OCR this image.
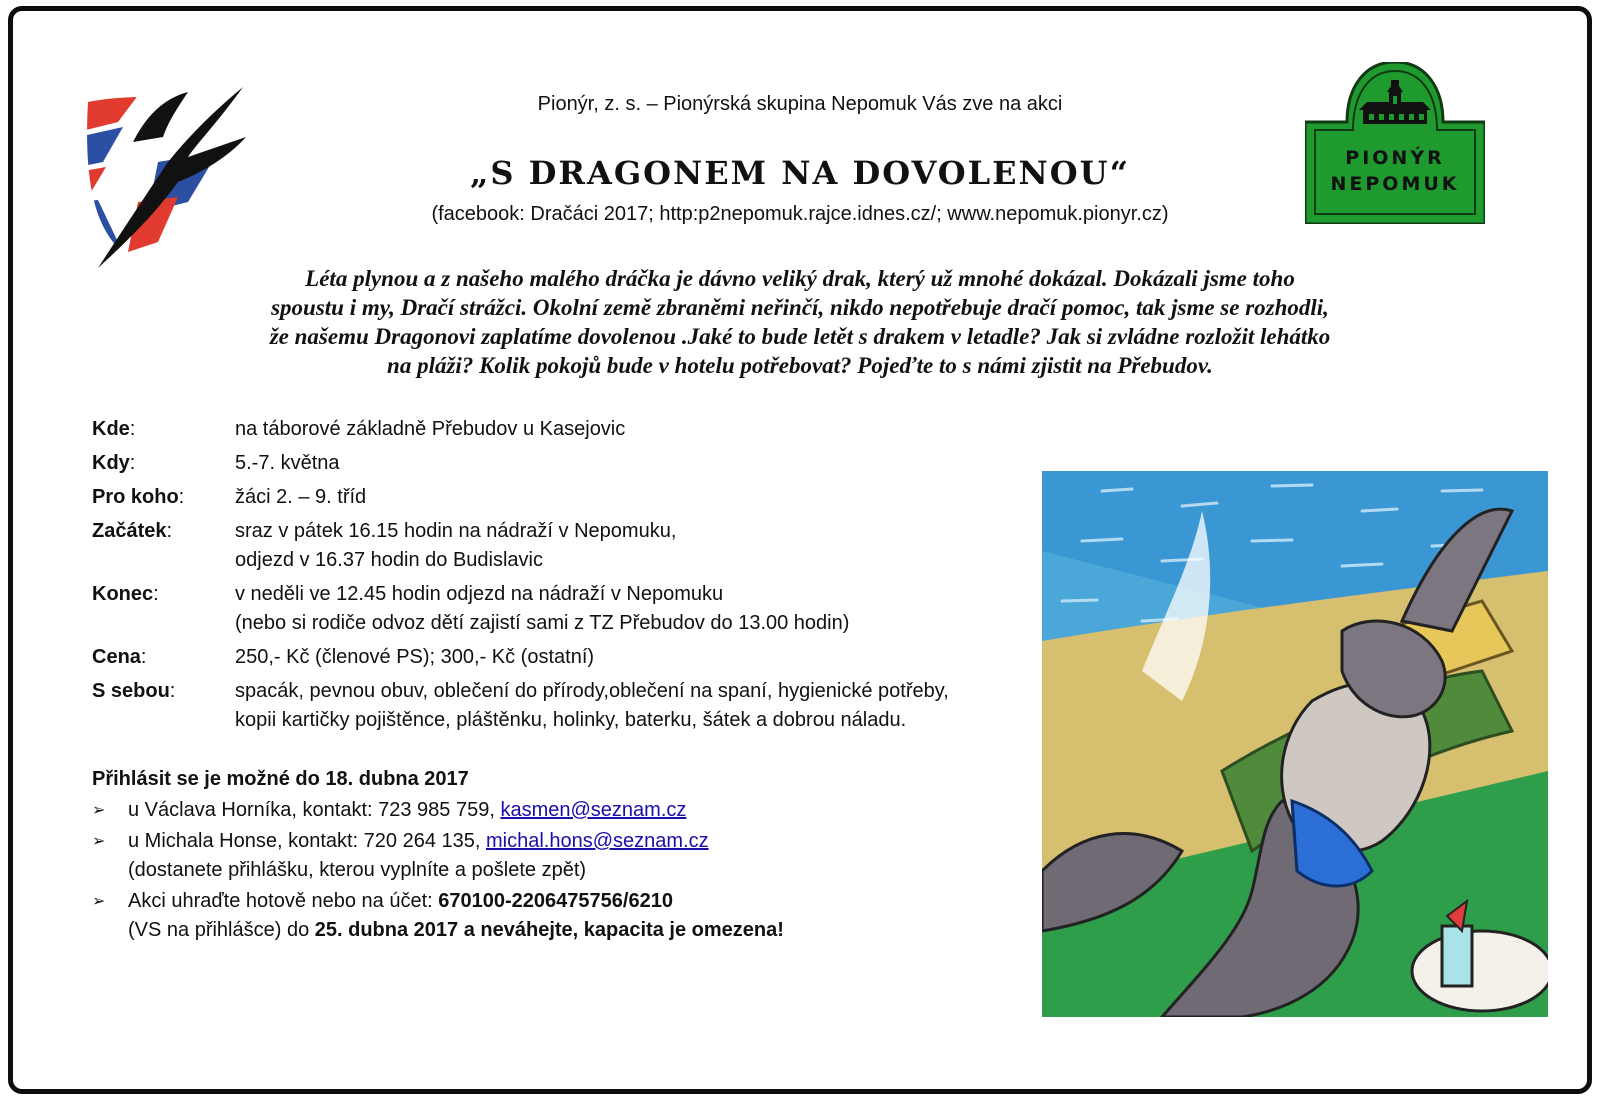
Pionýr, z. s. – Pionýrská skupina Nepomuk Vás zve na akci
„S DRAGONEM NA DOVOLENOU“
(facebook: Dračáci 2017; http:p2nepomuk.rajce.idnes.cz/; www.nepomuk.pionyr.cz)
PIONÝR
NEPOMUK
Léta plynou a z našeho malého dráčka je dávno veliký drak, který už mnohé dokázal. Dokázali jsme toho
spoustu i my, Dračí strážci. Okolní země zbraněmi neřinčí, nikdo nepotřebuje dračí pomoc, tak jsme se rozhodli,
že našemu Dragonovi zaplatíme dovolenou .Jaké to bude letět s drakem v letadle? Jak si zvládne rozložit lehátko
na pláži? Kolik pokojů bude v hotelu potřebovat? Pojeďte to s námi zjistit na Přebudov.
Kde:	na táborové základně Přebudov u Kasejovic
Kdy:	5.-7. května
Pro koho:	žáci 2. – 9. tříd
Začátek:	sraz v pátek 16.15 hodin na nádraží v Nepomuku,
odjezd v 16.37 hodin do Budislavic
Konec:	v neděli ve 12.45 hodin odjezd na nádraží v Nepomuku
(nebo si rodiče odvoz dětí zajistí sami z TZ Přebudov do 13.00 hodin)
Cena:	250,- Kč (členové PS); 300,- Kč (ostatní)
S sebou:	spacák, pevnou obuv, oblečení do přírody,oblečení na spaní, hygienické potřeby,
kopii kartičky pojištěnce, pláštěnku, holinky, baterku, šátek a dobrou náladu.
Přihlásit se je možné do 18. dubna 2017
➢	u Václava Horníka, kontakt: 723 985 759, kasmen@seznam.cz
➢	u Michala Honse, kontakt: 720 264 135, michal.hons@seznam.cz
(dostanete přihlášku, kterou vyplníte a pošlete zpět)
➢	Akci uhraďte hotově nebo na účet: 670100-2206475756/6210
(VS na přihlášce) do 25. dubna 2017 a neváhejte, kapacita je omezena!
